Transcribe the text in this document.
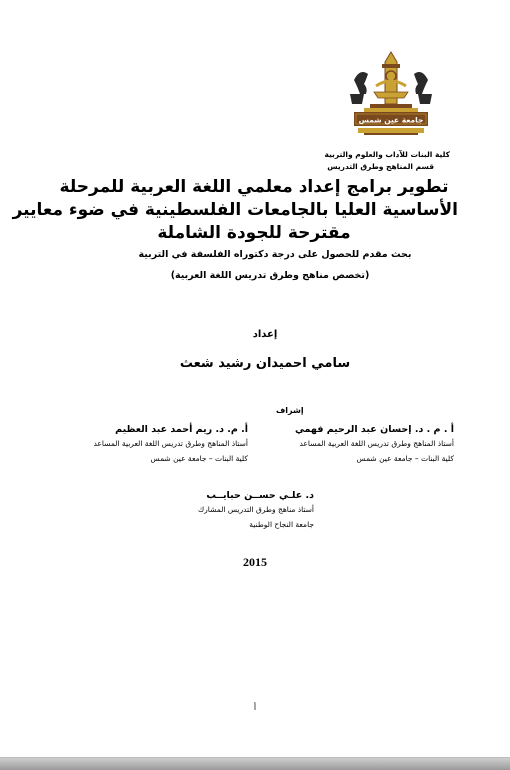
جامعة عين شمس
كلية البنات للآداب والعلوم والتربية
قسم المناهج وطرق التدريس
تطوير برامج إعداد معلمي اللغة العربية للمرحلة
الأساسية العليا بالجامعات الفلسطينية في ضوء معايير
مقترحة للجودة الشاملة
بحث مقدم للحصول على درجة دكتوراه الفلسفة في التربية
(تخصص مناهج وطرق تدريس اللغة العربية)
إعداد
سامي احميدان رشيد شعث
إشراف
أ . م . د. إحسان عبد الرحيم فهمي
أستاذ المناهج وطرق تدريس اللغة العربية المساعد
كلية البنات – جامعة عين شمس
أ. م. د. ريم أحمد عبد العظيم
أستاذ المناهج وطرق تدريس اللغة العربية المساعد
كلية البنات – جامعة عين شمس
د. علـي حســن حبايــب
أستاذ مناهج وطرق التدريس المشارك
جامعة النجاح الوطنية
2015
أ
